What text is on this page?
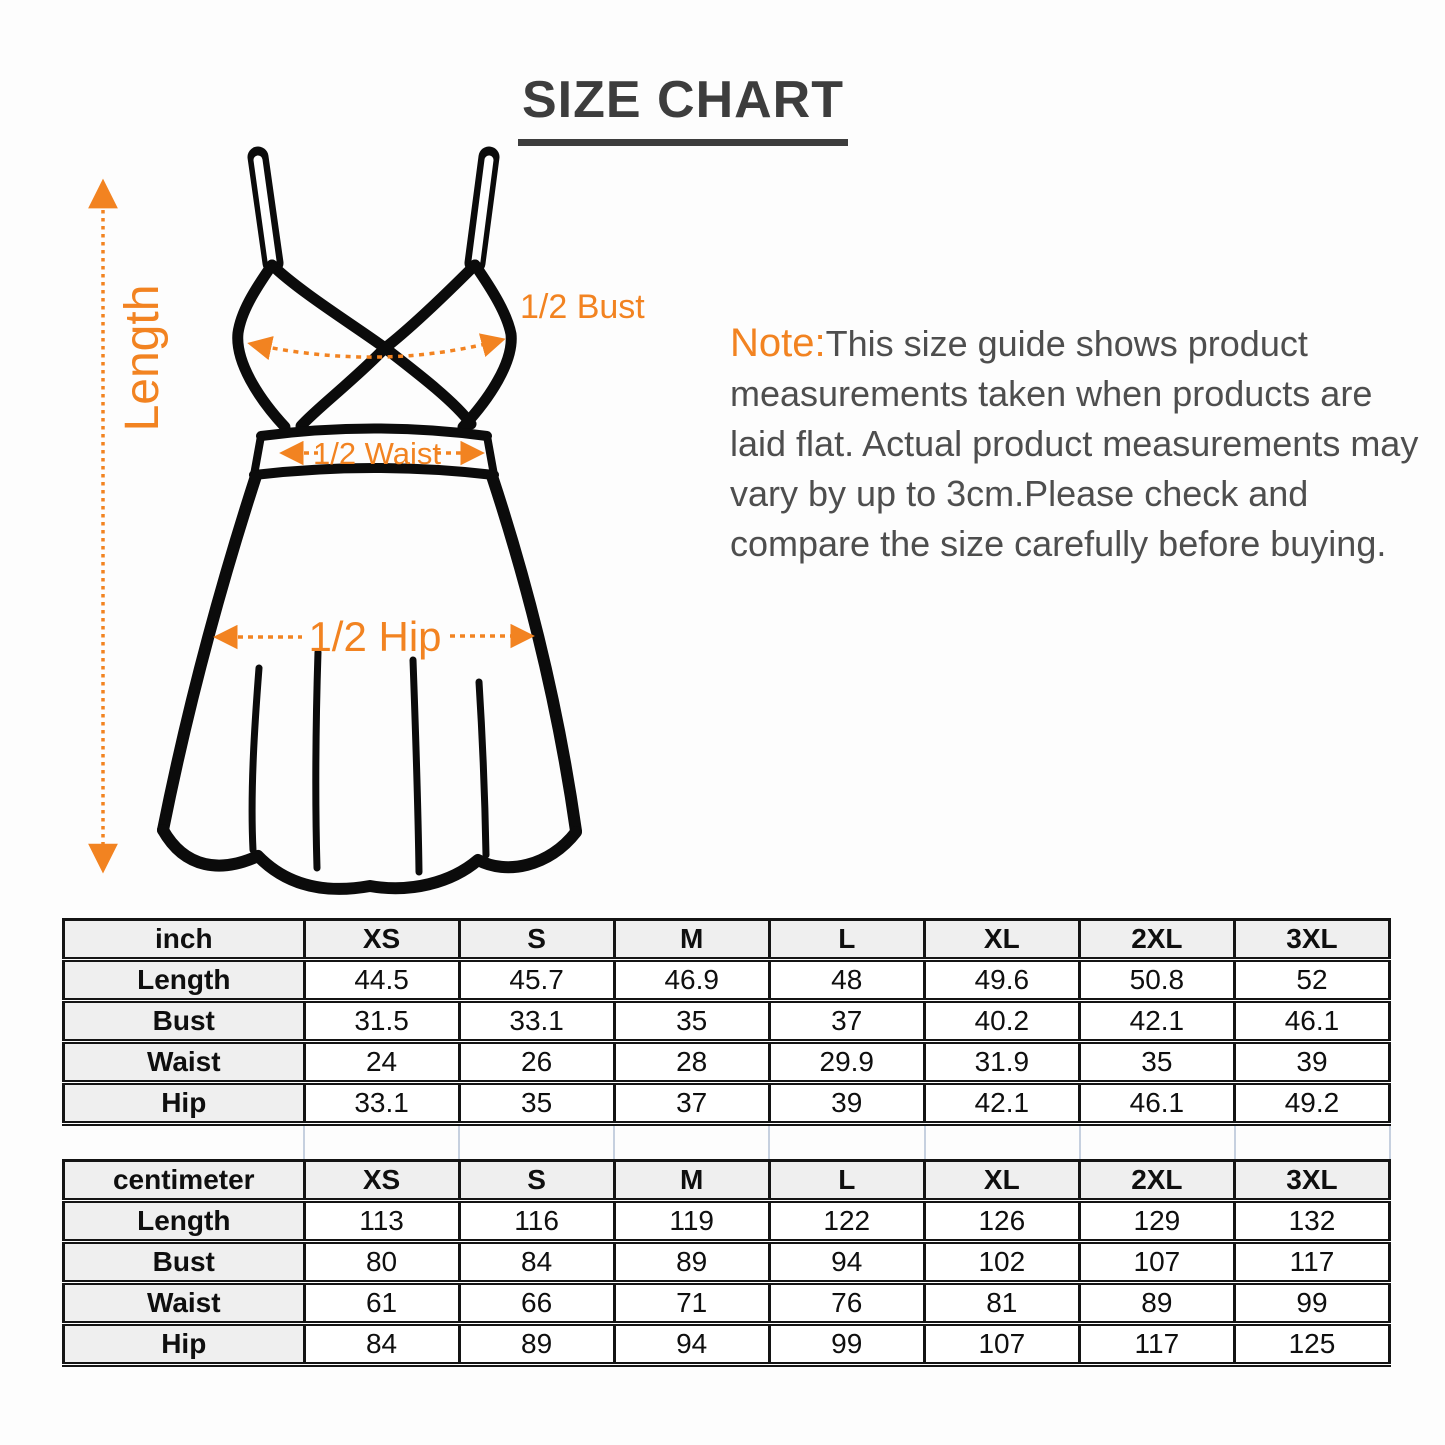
SIZE CHART
Length	1/2 Bust
1/2 Waist
1/2 Hip
Note:This size guide shows product measurements taken when products are laid flat. Actual product measurements may vary by up to 3cm.Please check and compare the size carefully before buying.
inch	XS	S	M	L	XL	2XL	3XL
Length	44.5	45.7	46.9	48	49.6	50.8	52
Bust	31.5	33.1	35	37	40.2	42.1	46.1
Waist	24	26	28	29.9	31.9	35	39
Hip	33.1	35	37	39	42.1	46.1	49.2
centimeter	XS	S	M	L	XL	2XL	3XL
Length	113	116	119	122	126	129	132
Bust	80	84	89	94	102	107	117
Waist	61	66	71	76	81	89	99
Hip	84	89	94	99	107	117	125
